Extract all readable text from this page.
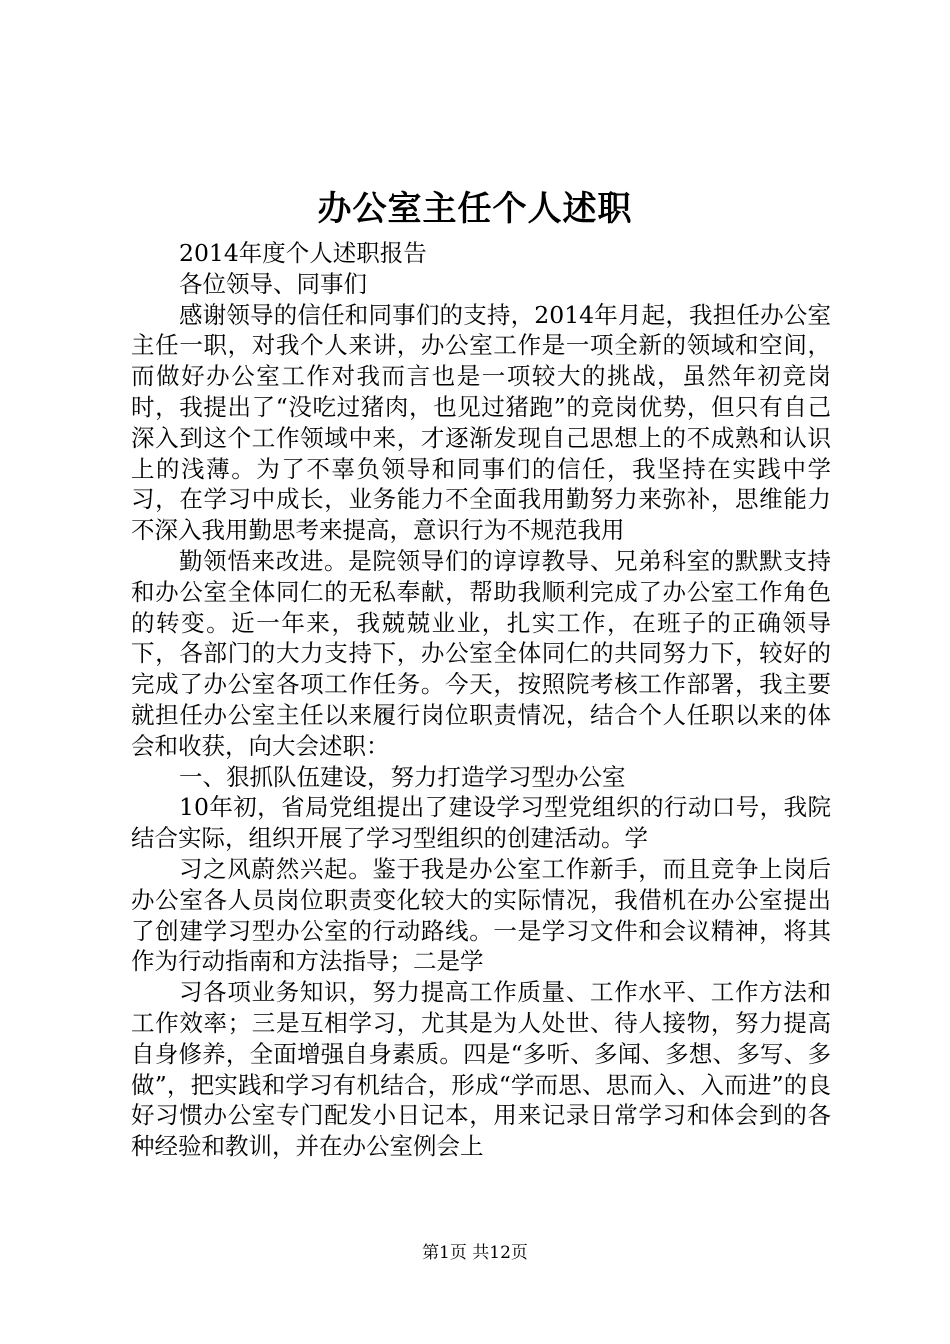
办公室主任个人述职

2014年度个人述职报告

各位领导、同事们

感谢领导的信任和同事们的支持，2014年月起，我担任办公室主任一职，对我个人来讲，办公室工作是一项全新的领域和空间，而做好办公室工作对我而言也是一项较大的挑战，虽然年初竞岗时，我提出了“没吃过猪肉，也见过猪跑”的竞岗优势，但只有自己深入到这个工作领域中来，才逐渐发现自己思想上的不成熟和认识上的浅薄。为了不辜负领导和同事们的信任，我坚持在实践中学习，在学习中成长，业务能力不全面我用勤努力来弥补，思维能力不深入我用勤思考来提高，意识行为不规范我用

勤领悟来改进。是院领导们的谆谆教导、兄弟科室的默默支持和办公室全体同仁的无私奉献，帮助我顺利完成了办公室工作角色的转变。近一年来，我兢兢业业，扎实工作，在班子的正确领导下，各部门的大力支持下，办公室全体同仁的共同努力下，较好的完成了办公室各项工作任务。今天，按照院考核工作部署，我主要就担任办公室主任以来履行岗位职责情况，结合个人任职以来的体会和收获，向大会述职：

一、狠抓队伍建设，努力打造学习型办公室

10年初，省局党组提出了建设学习型党组织的行动口号，我院结合实际，组织开展了学习型组织的创建活动。学

习之风蔚然兴起。鉴于我是办公室工作新手，而且竞争上岗后办公室各人员岗位职责变化较大的实际情况，我借机在办公室提出了创建学习型办公室的行动路线。一是学习文件和会议精神，将其作为行动指南和方法指导；二是学

习各项业务知识，努力提高工作质量、工作水平、工作方法和工作效率；三是互相学习，尤其是为人处世、待人接物，努力提高自身修养，全面增强自身素质。四是“多听、多闻、多想、多写、多做”，把实践和学习有机结合，形成“学而思、思而入、入而进”的良好习惯办公室专门配发小日记本，用来记录日常学习和体会到的各种经验和教训，并在办公室例会上

第1页 共12页
